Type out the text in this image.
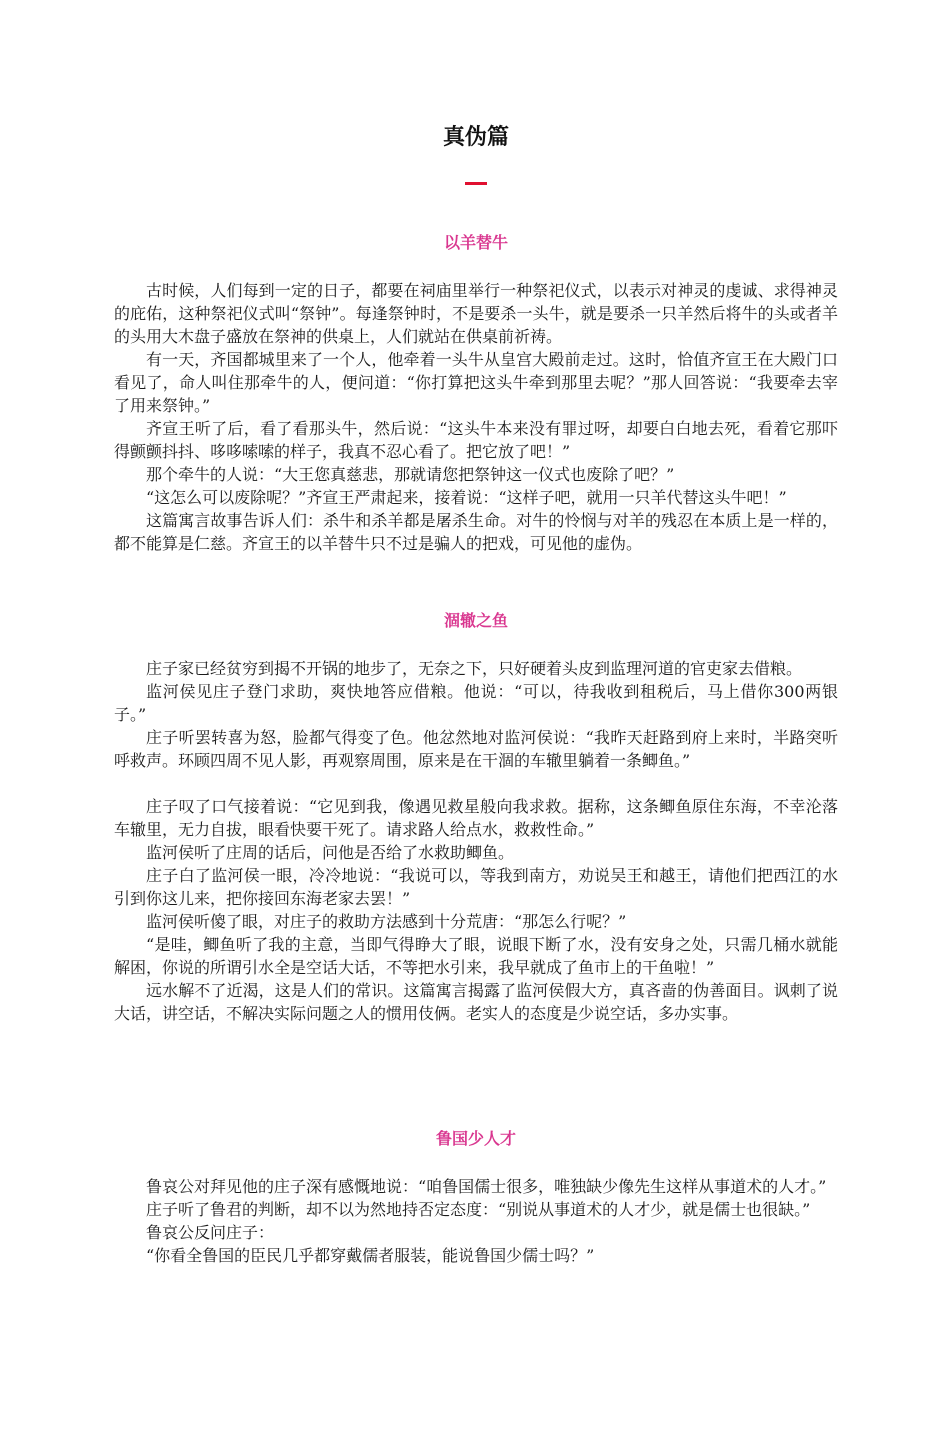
真伪篇
以羊替牛

古时候，人们每到一定的日子，都要在祠庙里举行一种祭祀仪式，以表示对神灵的虔诚、求得神灵的庇佑，这种祭祀仪式叫“祭钟”。每逢祭钟时，不是要杀一头牛，就是要杀一只羊然后将牛的头或者羊的头用大木盘子盛放在祭神的供桌上，人们就站在供桌前祈祷。

有一天，齐国都城里来了一个人，他牵着一头牛从皇宫大殿前走过。这时，恰值齐宣王在大殿门口看见了，命人叫住那牵牛的人，便问道：“你打算把这头牛牵到那里去呢？”那人回答说：“我要牵去宰了用来祭钟。”

齐宣王听了后，看了看那头牛，然后说：“这头牛本来没有罪过呀，却要白白地去死，看着它那吓得颤颤抖抖、哆哆嗦嗦的样子，我真不忍心看了。把它放了吧！”

那个牵牛的人说：“大王您真慈悲，那就请您把祭钟这一仪式也废除了吧？”

“这怎么可以废除呢？”齐宣王严肃起来，接着说：“这样子吧，就用一只羊代替这头牛吧！”

这篇寓言故事告诉人们：杀牛和杀羊都是屠杀生命。对牛的怜悯与对羊的残忍在本质上是一样的，都不能算是仁慈。齐宣王的以羊替牛只不过是骗人的把戏，可见他的虚伪。

涸辙之鱼

庄子家已经贫穷到揭不开锅的地步了，无奈之下，只好硬着头皮到监理河道的官吏家去借粮。

监河侯见庄子登门求助，爽快地答应借粮。他说：“可以，待我收到租税后，马上借你300两银子。”

庄子听罢转喜为怒，脸都气得变了色。他忿然地对监河侯说：“我昨天赶路到府上来时，半路突听呼救声。环顾四周不见人影，再观察周围，原来是在干涸的车辙里躺着一条鲫鱼。”

庄子叹了口气接着说：“它见到我，像遇见救星般向我求救。据称，这条鲫鱼原住东海，不幸沦落车辙里，无力自拔，眼看快要干死了。请求路人给点水，救救性命。”

监河侯听了庄周的话后，问他是否给了水救助鲫鱼。

庄子白了监河侯一眼，冷冷地说：“我说可以，等我到南方，劝说吴王和越王，请他们把西江的水引到你这儿来，把你接回东海老家去罢！”

监河侯听傻了眼，对庄子的救助方法感到十分荒唐：“那怎么行呢？”

“是哇，鲫鱼听了我的主意，当即气得睁大了眼，说眼下断了水，没有安身之处，只需几桶水就能解困，你说的所谓引水全是空话大话，不等把水引来，我早就成了鱼市上的干鱼啦！”

远水解不了近渴，这是人们的常识。这篇寓言揭露了监河侯假大方，真吝啬的伪善面目。讽刺了说大话，讲空话，不解决实际问题之人的惯用伎俩。老实人的态度是少说空话，多办实事。

鲁国少人才

鲁哀公对拜见他的庄子深有感慨地说：“咱鲁国儒士很多，唯独缺少像先生这样从事道术的人才。”

庄子听了鲁君的判断，却不以为然地持否定态度：“别说从事道术的人才少，就是儒士也很缺。”

鲁哀公反问庄子：

“你看全鲁国的臣民几乎都穿戴儒者服装，能说鲁国少儒士吗？”
